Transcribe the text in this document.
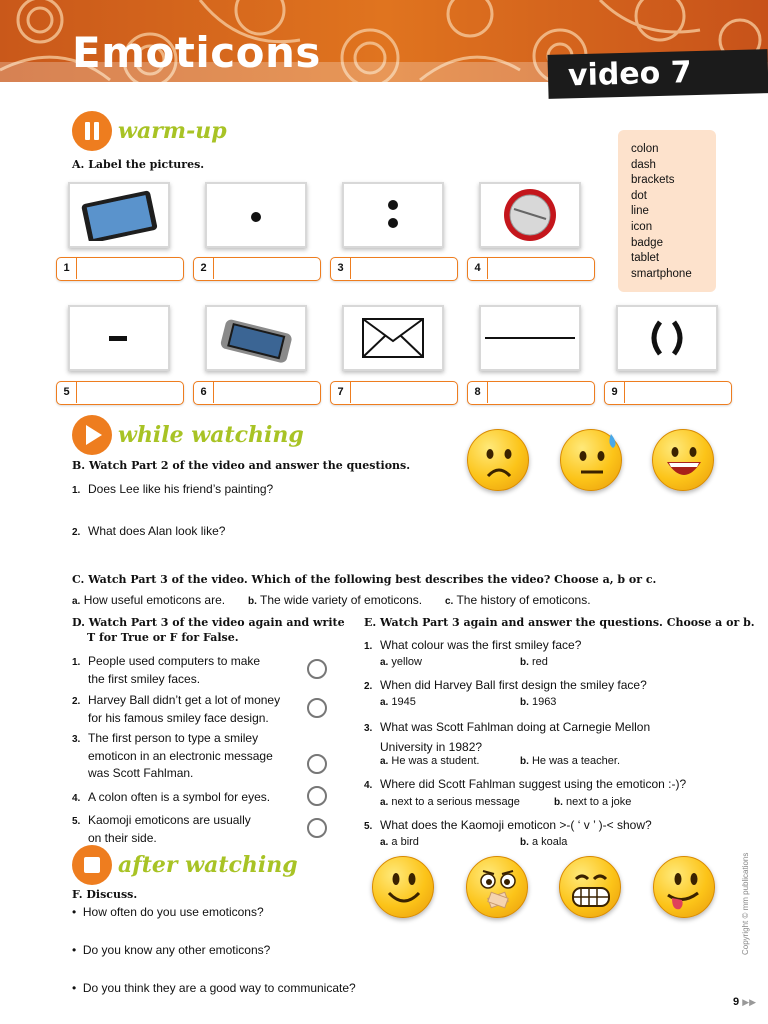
Emoticons	video 7
warm-up
A. Label the pictures.
1	2	3	4
colon
dash
brackets
dot
line
icon
badge
tablet
smartphone
5	6	7	8	9
while watching
B. Watch Part 2 of the video and answer the questions.
1. Does Lee like his friend’s painting?
2. What does Alan look like?
C. Watch Part 3 of the video. Which of the following best describes the video? Choose a, b or c.
a. How useful emoticons are. b. The wide variety of emoticons. c. The history of emoticons.
D. Watch Part 3 of the video again and write
T for True or F for False.
1. People used computers to make
the first smiley faces.
2. Harvey Ball didn’t get a lot of money
for his famous smiley face design.
3. The first person to type a smiley
emoticon in an electronic message
was Scott Fahlman.
4. A colon often is a symbol for eyes.
5. Kaomoji emoticons are usually
on their side.
E. Watch Part 3 again and answer the questions. Choose a or b.
1. What colour was the first smiley face?
a. yellow	b. red
2. When did Harvey Ball first design the smiley face?
a. 1945	b. 1963
3. What was Scott Fahlman doing at Carnegie Mellon
University in 1982?
a. He was a student.	b. He was a teacher.
4. Where did Scott Fahlman suggest using the emoticon :-)?
a. next to a serious message	b. next to a joke
5. What does the Kaomoji emoticon >-( ‘ v ’ )-< show?
a. a bird	b. a koala
after watching
F. Discuss.
•  How often do you use emoticons?
•  Do you know any other emoticons?
•  Do you think they are a good way to communicate?
Copyright © mm publications
9 ▶▶
